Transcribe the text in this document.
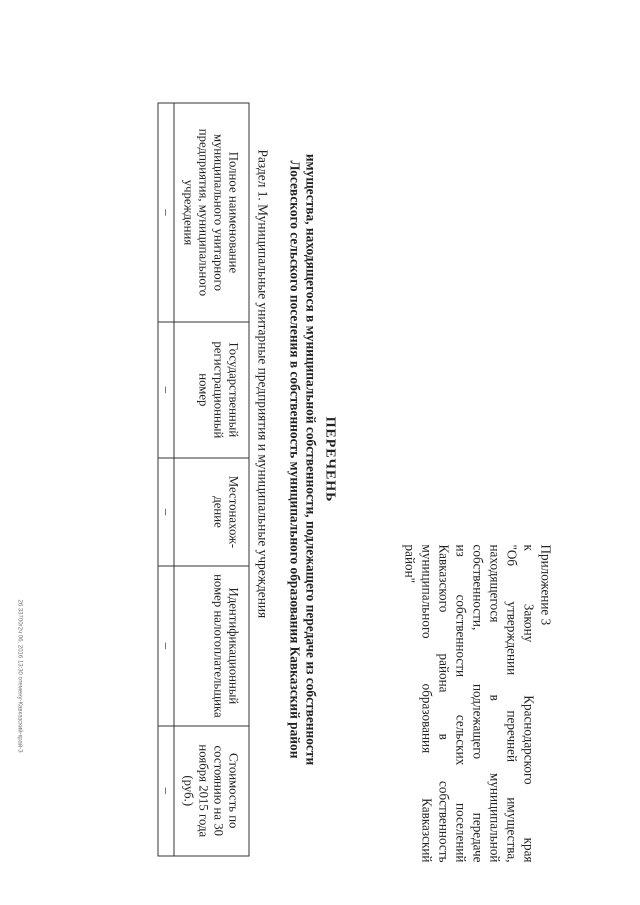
Приложение 3
к Закону Краснодарского края
"Об утверждении перечней имущества,
находящегося в муниципальной
собственности, подлежащего передаче
из собственности сельских поселений
Кавказского района в собственность
муниципального образования Кавказский
район"
ПЕРЕЧЕНЬ
имущества, находящегося в муниципальной собственности, подлежащего передаче из собственности
Лосевского сельского поселения в собственность муниципального образования Кавказский район
Раздел 1. Муниципальные унитарные предприятия и муниципальные учреждения
Полное наименование муниципального унитарного предприятия, муниципального учреждения	Государственный регистрационный номер	Местонахож-дение	Идентификационный номер налогоплательщика	Стоимость по состоянию на 30 ноября 2015 года (руб.)
–	–	–	–	–
26 33700г2ч 06. 2016 13:30 отемену-Кавказский-край-3
